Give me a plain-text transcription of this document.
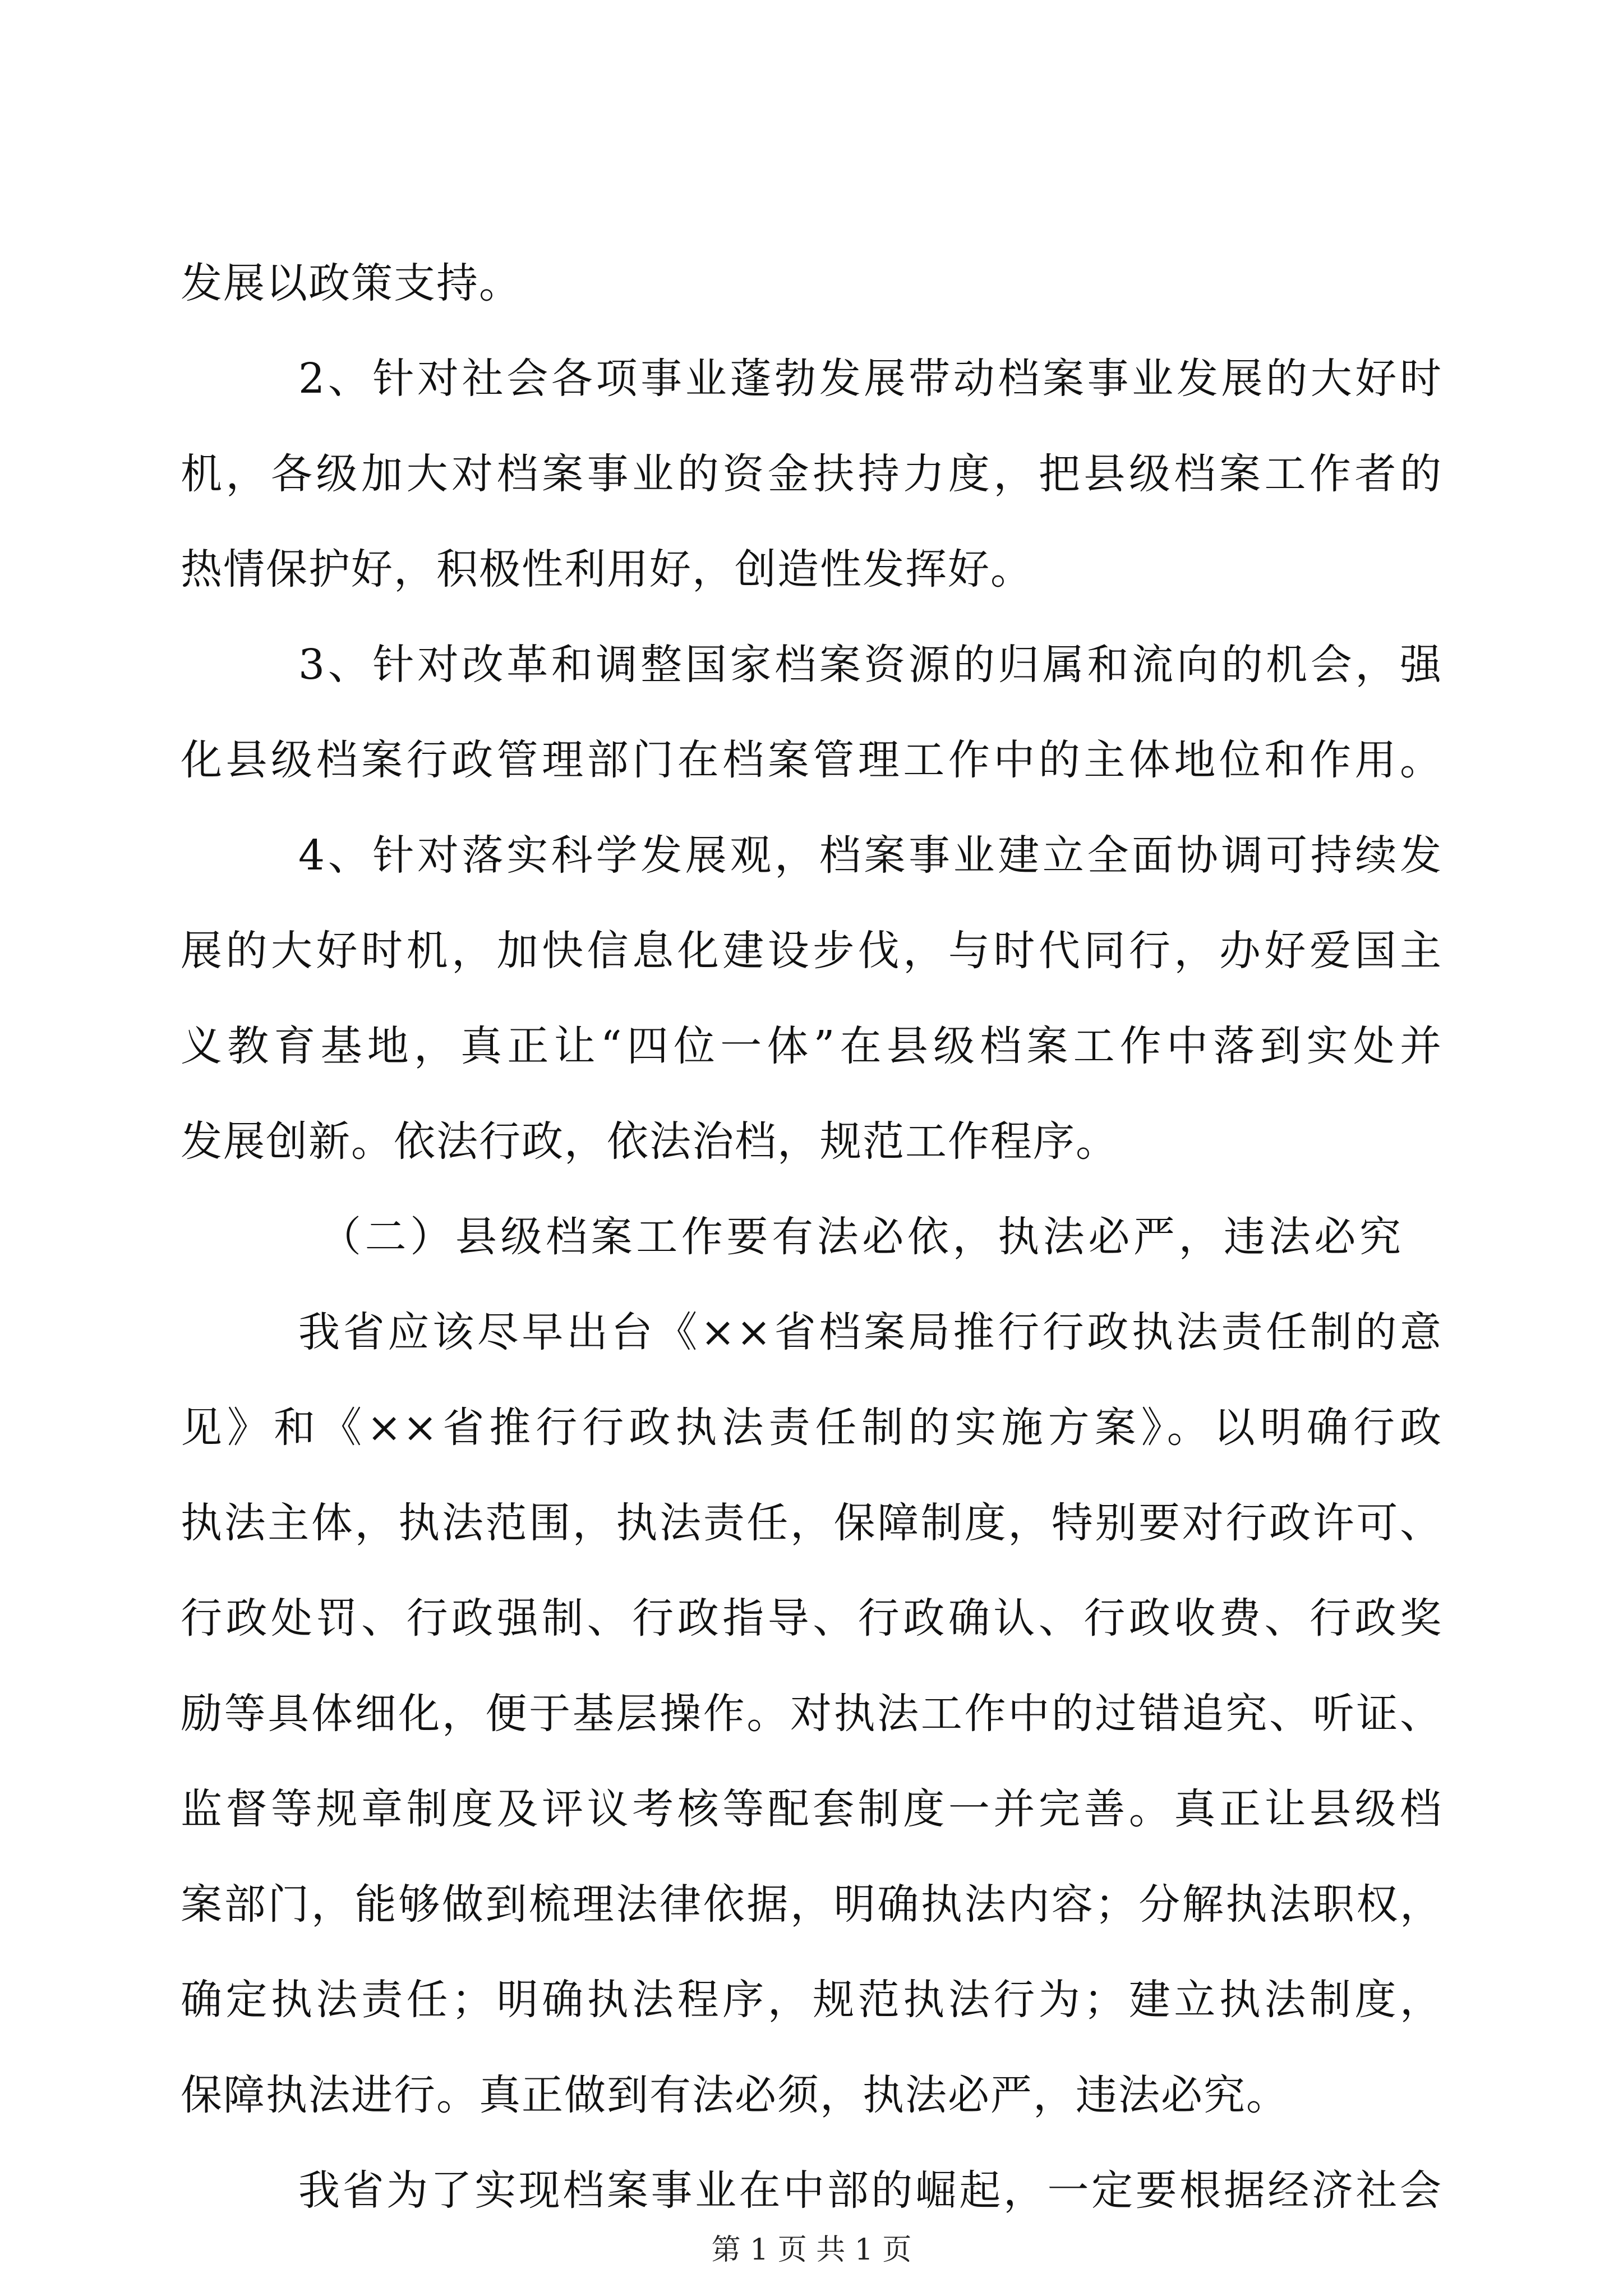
发展以政策支持。
2、针对社会各项事业蓬勃发展带动档案事业发展的大好时
机，各级加大对档案事业的资金扶持力度，把县级档案工作者的
热情保护好，积极性利用好，创造性发挥好。
3、针对改革和调整国家档案资源的归属和流向的机会，强
化县级档案行政管理部门在档案管理工作中的主体地位和作用。
4、针对落实科学发展观，档案事业建立全面协调可持续发
展的大好时机，加快信息化建设步伐，与时代同行，办好爱国主
义教育基地，真正让“四位一体”在县级档案工作中落到实处并
发展创新。依法行政，依法治档，规范工作程序。
（二）县级档案工作要有法必依，执法必严，违法必究
我省应该尽早出台《××省档案局推行行政执法责任制的意
见》和《××省推行行政执法责任制的实施方案》。以明确行政
执法主体，执法范围，执法责任，保障制度，特别要对行政许可、
行政处罚、行政强制、行政指导、行政确认、行政收费、行政奖
励等具体细化，便于基层操作。对执法工作中的过错追究、听证、
监督等规章制度及评议考核等配套制度一并完善。真正让县级档
案部门，能够做到梳理法律依据，明确执法内容；分解执法职权，
确定执法责任；明确执法程序，规范执法行为；建立执法制度，
保障执法进行。真正做到有法必须，执法必严，违法必究。
我省为了实现档案事业在中部的崛起，一定要根据经济社会
第 1 页 共 1 页
